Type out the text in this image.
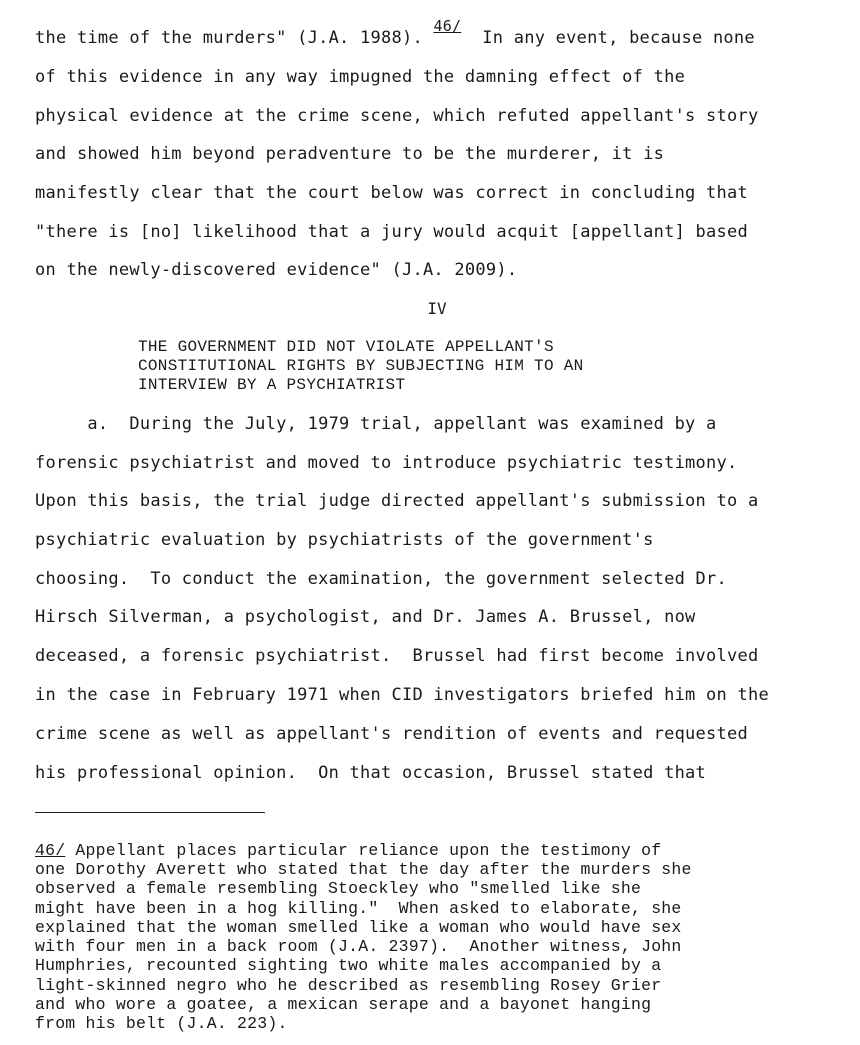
the time of the murders" (J.A. 1988). 46/  In any event, because none
of this evidence in any way impugned the damning effect of the
physical evidence at the crime scene, which refuted appellant's story
and showed him beyond peradventure to be the murderer, it is
manifestly clear that the court below was correct in concluding that
"there is [no] likelihood that a jury would acquit [appellant] based
on the newly-discovered evidence" (J.A. 2009).
IV
THE GOVERNMENT DID NOT VIOLATE APPELLANT'S
CONSTITUTIONAL RIGHTS BY SUBJECTING HIM TO AN
INTERVIEW BY A PSYCHIATRIST
a.  During the July, 1979 trial, appellant was examined by a
forensic psychiatrist and moved to introduce psychiatric testimony.
Upon this basis, the trial judge directed appellant's submission to a
psychiatric evaluation by psychiatrists of the government's
choosing.  To conduct the examination, the government selected Dr.
Hirsch Silverman, a psychologist, and Dr. James A. Brussel, now
deceased, a forensic psychiatrist.  Brussel had first become involved
in the case in February 1971 when CID investigators briefed him on the
crime scene as well as appellant's rendition of events and requested
his professional opinion.  On that occasion, Brussel stated that
46/ Appellant places particular reliance upon the testimony of
one Dorothy Averett who stated that the day after the murders she
observed a female resembling Stoeckley who "smelled like she
might have been in a hog killing."  When asked to elaborate, she
explained that the woman smelled like a woman who would have sex
with four men in a back room (J.A. 2397).  Another witness, John
Humphries, recounted sighting two white males accompanied by a
light-skinned negro who he described as resembling Rosey Grier
and who wore a goatee, a mexican serape and a bayonet hanging
from his belt (J.A. 223).
